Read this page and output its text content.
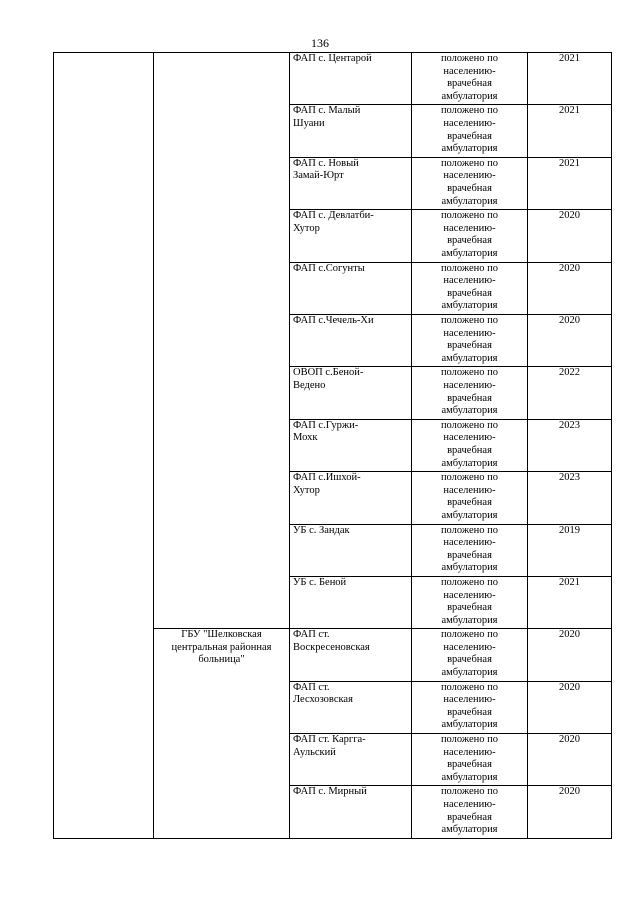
136
		ФАП с. Центарой	положено по
населению-
врачебная
амбулатория	2021
		ФАП с. Малый
Шуани	положено по
населению-
врачебная
амбулатория	2021
		ФАП с. Новый
Замай-Юрт	положено по
населению-
врачебная
амбулатория	2021
		ФАП с. Девлатби-
Хутор	положено по
населению-
врачебная
амбулатория	2020
		ФАП с.Согунты	положено по
населению-
врачебная
амбулатория	2020
		ФАП с.Чечель-Хи	положено по
населению-
врачебная
амбулатория	2020
		ОВОП с.Беной-
Ведено	положено по
населению-
врачебная
амбулатория	2022
		ФАП с.Гуржи-
Мохк	положено по
населению-
врачебная
амбулатория	2023
		ФАП с.Ишхой-
Хутор	положено по
населению-
врачебная
амбулатория	2023
		УБ с. Зандак	положено по
населению-
врачебная
амбулатория	2019
		УБ с. Беной	положено по
населению-
врачебная
амбулатория	2021
	ГБУ "Шелковская
центральная районная
больница"	ФАП ст.
Воскресеновская	положено по
населению-
врачебная
амбулатория	2020
		ФАП ст.
Лесхозовская	положено по
населению-
врачебная
амбулатория	2020
		ФАП ст. Каргга-
Аульский	положено по
населению-
врачебная
амбулатория	2020
		ФАП с. Мирный	положено по
населению-
врачебная
амбулатория	2020
